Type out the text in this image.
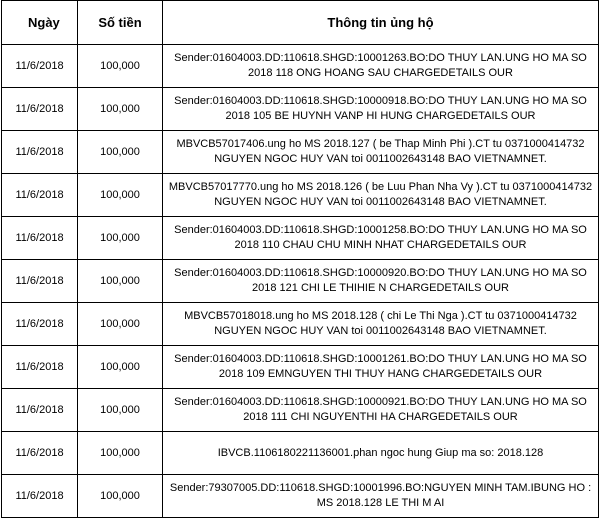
Ngày	Số tiền	Thông tin ủng hộ
11/6/2018	100,000	Sender:01604003.DD:110618.SHGD:10001263.BO:DO THUY LAN.UNG HO MA SO 2018 118 ONG HOANG SAU CHARGEDETAILS OUR
11/6/2018	100,000	Sender:01604003.DD:110618.SHGD:10000918.BO:DO THUY LAN.UNG HO MA SO 2018 105 BE HUYNH VANP HI HUNG CHARGEDETAILS OUR
11/6/2018	100,000	MBVCB57017406.ung ho MS 2018.127 ( be Thap Minh Phi ).CT tu 0371000414732 NGUYEN NGOC HUY VAN toi 0011002643148 BAO VIETNAMNET.
11/6/2018	100,000	MBVCB57017770.ung ho MS 2018.126 ( be Luu Phan Nha Vy ).CT tu 0371000414732 NGUYEN NGOC HUY VAN toi 0011002643148 BAO VIETNAMNET.
11/6/2018	100,000	Sender:01604003.DD:110618.SHGD:10001258.BO:DO THUY LAN.UNG HO MA SO 2018 110 CHAU CHU MINH NHAT CHARGEDETAILS OUR
11/6/2018	100,000	Sender:01604003.DD:110618.SHGD:10000920.BO:DO THUY LAN.UNG HO MA SO 2018 121 CHI LE THIHIE N CHARGEDETAILS OUR
11/6/2018	100,000	MBVCB57018018.ung ho MS 2018.128 ( chi Le Thi Nga ).CT tu 0371000414732 NGUYEN NGOC HUY VAN toi 0011002643148 BAO VIETNAMNET.
11/6/2018	100,000	Sender:01604003.DD:110618.SHGD:10001261.BO:DO THUY LAN.UNG HO MA SO 2018 109 EMNGUYEN THI THUY HANG CHARGEDETAILS OUR
11/6/2018	100,000	Sender:01604003.DD:110618.SHGD:10000921.BO:DO THUY LAN.UNG HO MA SO 2018 111 CHI NGUYENTHI HA CHARGEDETAILS OUR
11/6/2018	100,000	IBVCB.1106180221136001.phan ngoc hung Giup ma so: 2018.128
11/6/2018	100,000	Sender:79307005.DD:110618.SHGD:10001996.BO:NGUYEN MINH TAM.IBUNG HO : MS 2018.128 LE THI M AI
